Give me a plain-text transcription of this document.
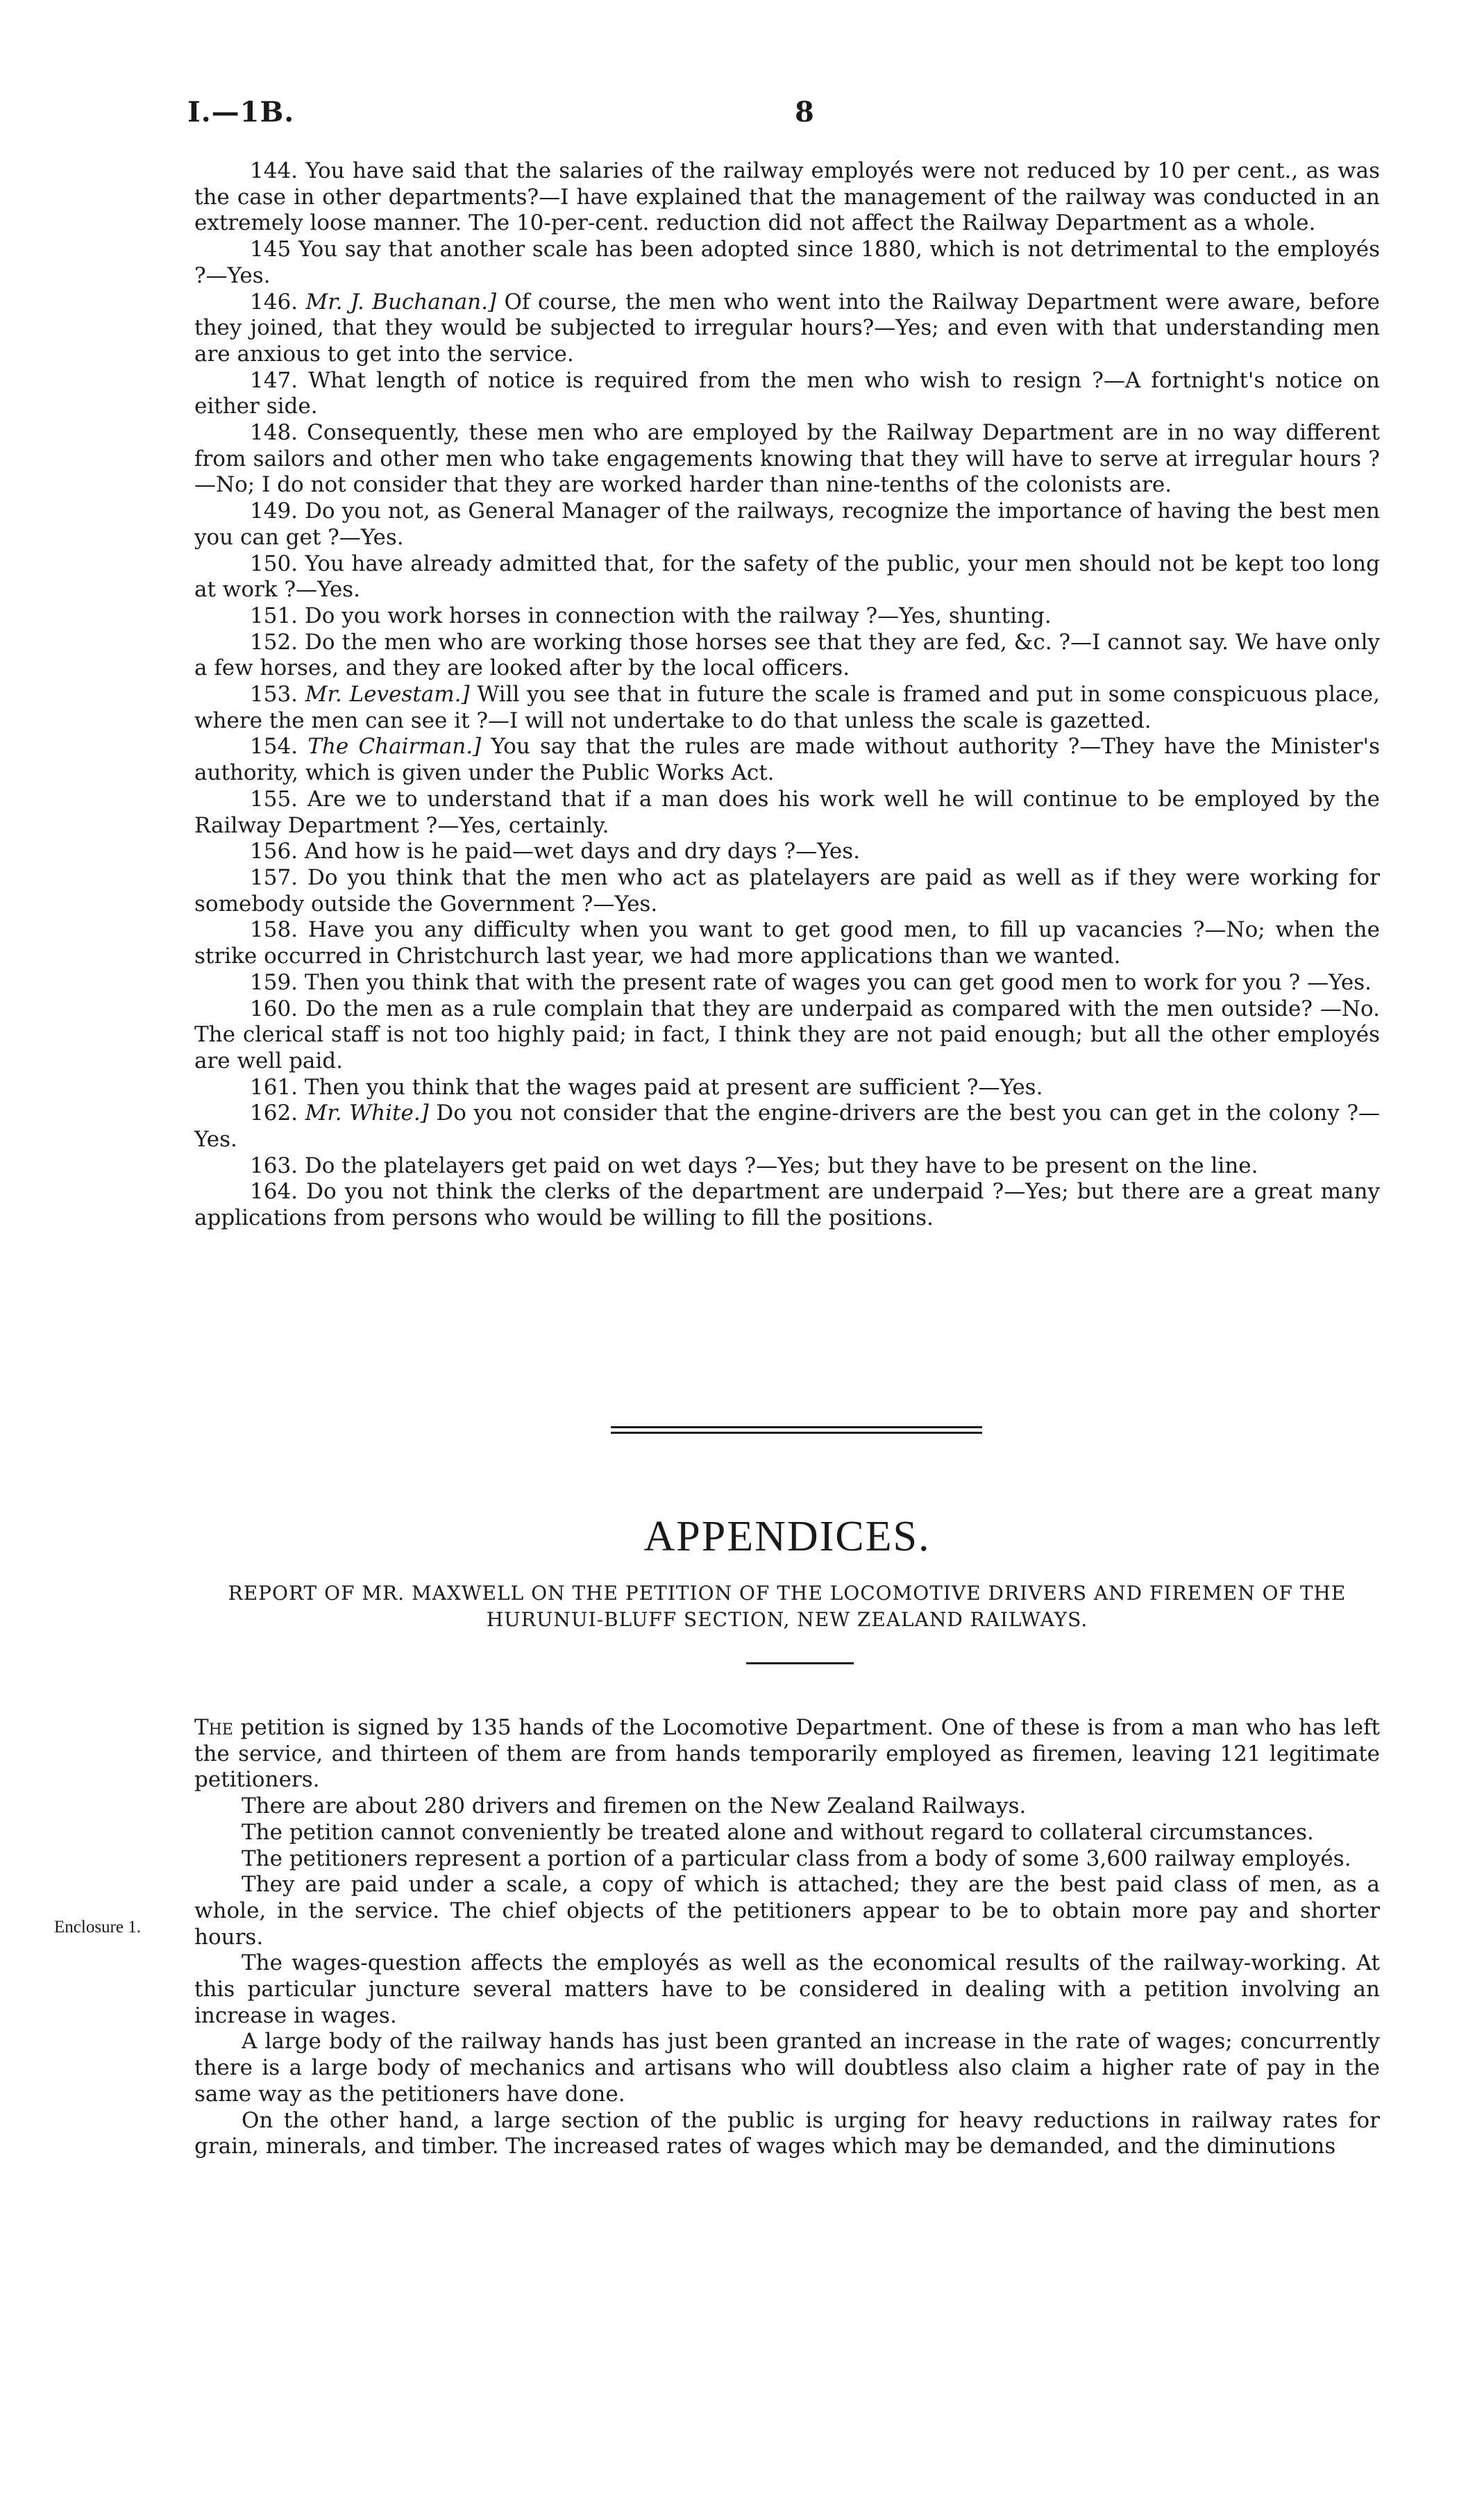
I.—1B.	8

144. You have said that the salaries of the railway employés were not reduced by 10 per cent., as was the case in other departments?—I have explained that the management of the railway was conducted in an extremely loose manner. The 10-per-cent. reduction did not affect the Railway Department as a whole.

145 You say that another scale has been adopted since 1880, which is not detrimental to the employés ?—Yes.

146. Mr. J. Buchanan.] Of course, the men who went into the Railway Department were aware, before they joined, that they would be subjected to irregular hours?—Yes; and even with that understanding men are anxious to get into the service.

147. What length of notice is required from the men who wish to resign ?—A fortnight's notice on either side.

148. Consequently, these men who are employed by the Railway Department are in no way different from sailors and other men who take engagements knowing that they will have to serve at irregular hours ?—No; I do not consider that they are worked harder than nine-tenths of the colonists are.

149. Do you not, as General Manager of the railways, recognize the importance of having the best men you can get ?—Yes.

150. You have already admitted that, for the safety of the public, your men should not be kept too long at work ?—Yes.

151. Do you work horses in connection with the railway ?—Yes, shunting.

152. Do the men who are working those horses see that they are fed, &c. ?—I cannot say. We have only a few horses, and they are looked after by the local officers.

153. Mr. Levestam.] Will you see that in future the scale is framed and put in some conspicuous place, where the men can see it ?—I will not undertake to do that unless the scale is gazetted.

154. The Chairman.] You say that the rules are made without authority ?—They have the Minister's authority, which is given under the Public Works Act.

155. Are we to understand that if a man does his work well he will continue to be employed by the Railway Department ?—Yes, certainly.

156. And how is he paid—wet days and dry days ?—Yes.

157. Do you think that the men who act as platelayers are paid as well as if they were working for somebody outside the Government ?—Yes.

158. Have you any difficulty when you want to get good men, to fill up vacancies ?—No; when the strike occurred in Christchurch last year, we had more applications than we wanted.

159. Then you think that with the present rate of wages you can get good men to work for you ? —Yes.

160. Do the men as a rule complain that they are underpaid as compared with the men outside? —No. The clerical staff is not too highly paid; in fact, I think they are not paid enough; but all the other employés are well paid.

161. Then you think that the wages paid at present are sufficient ?—Yes.

162. Mr. White.] Do you not consider that the engine-drivers are the best you can get in the colony ?—Yes.

163. Do the platelayers get paid on wet days ?—Yes; but they have to be present on the line.

164. Do you not think the clerks of the department are underpaid ?—Yes; but there are a great many applications from persons who would be willing to fill the positions.

APPENDICES.
REPORT OF MR. MAXWELL ON THE PETITION OF THE LOCOMOTIVE DRIVERS AND FIREMEN OF THE HURUNUI-BLUFF SECTION, NEW ZEALAND RAILWAYS.
Enclosure 1.

The petition is signed by 135 hands of the Locomotive Department. One of these is from a man who has left the service, and thirteen of them are from hands temporarily employed as firemen, leaving 121 legitimate petitioners.

There are about 280 drivers and firemen on the New Zealand Railways.

The petition cannot conveniently be treated alone and without regard to collateral circumstances.

The petitioners represent a portion of a particular class from a body of some 3,600 railway employés.

They are paid under a scale, a copy of which is attached; they are the best paid class of men, as a whole, in the service. The chief objects of the petitioners appear to be to obtain more pay and shorter hours.

The wages-question affects the employés as well as the economical results of the railway-working. At this particular juncture several matters have to be considered in dealing with a petition involving an increase in wages.

A large body of the railway hands has just been granted an increase in the rate of wages; concurrently there is a large body of mechanics and artisans who will doubtless also claim a higher rate of pay in the same way as the petitioners have done.

On the other hand, a large section of the public is urging for heavy reductions in railway rates for grain, minerals, and timber. The increased rates of wages which may be demanded, and the diminutions
